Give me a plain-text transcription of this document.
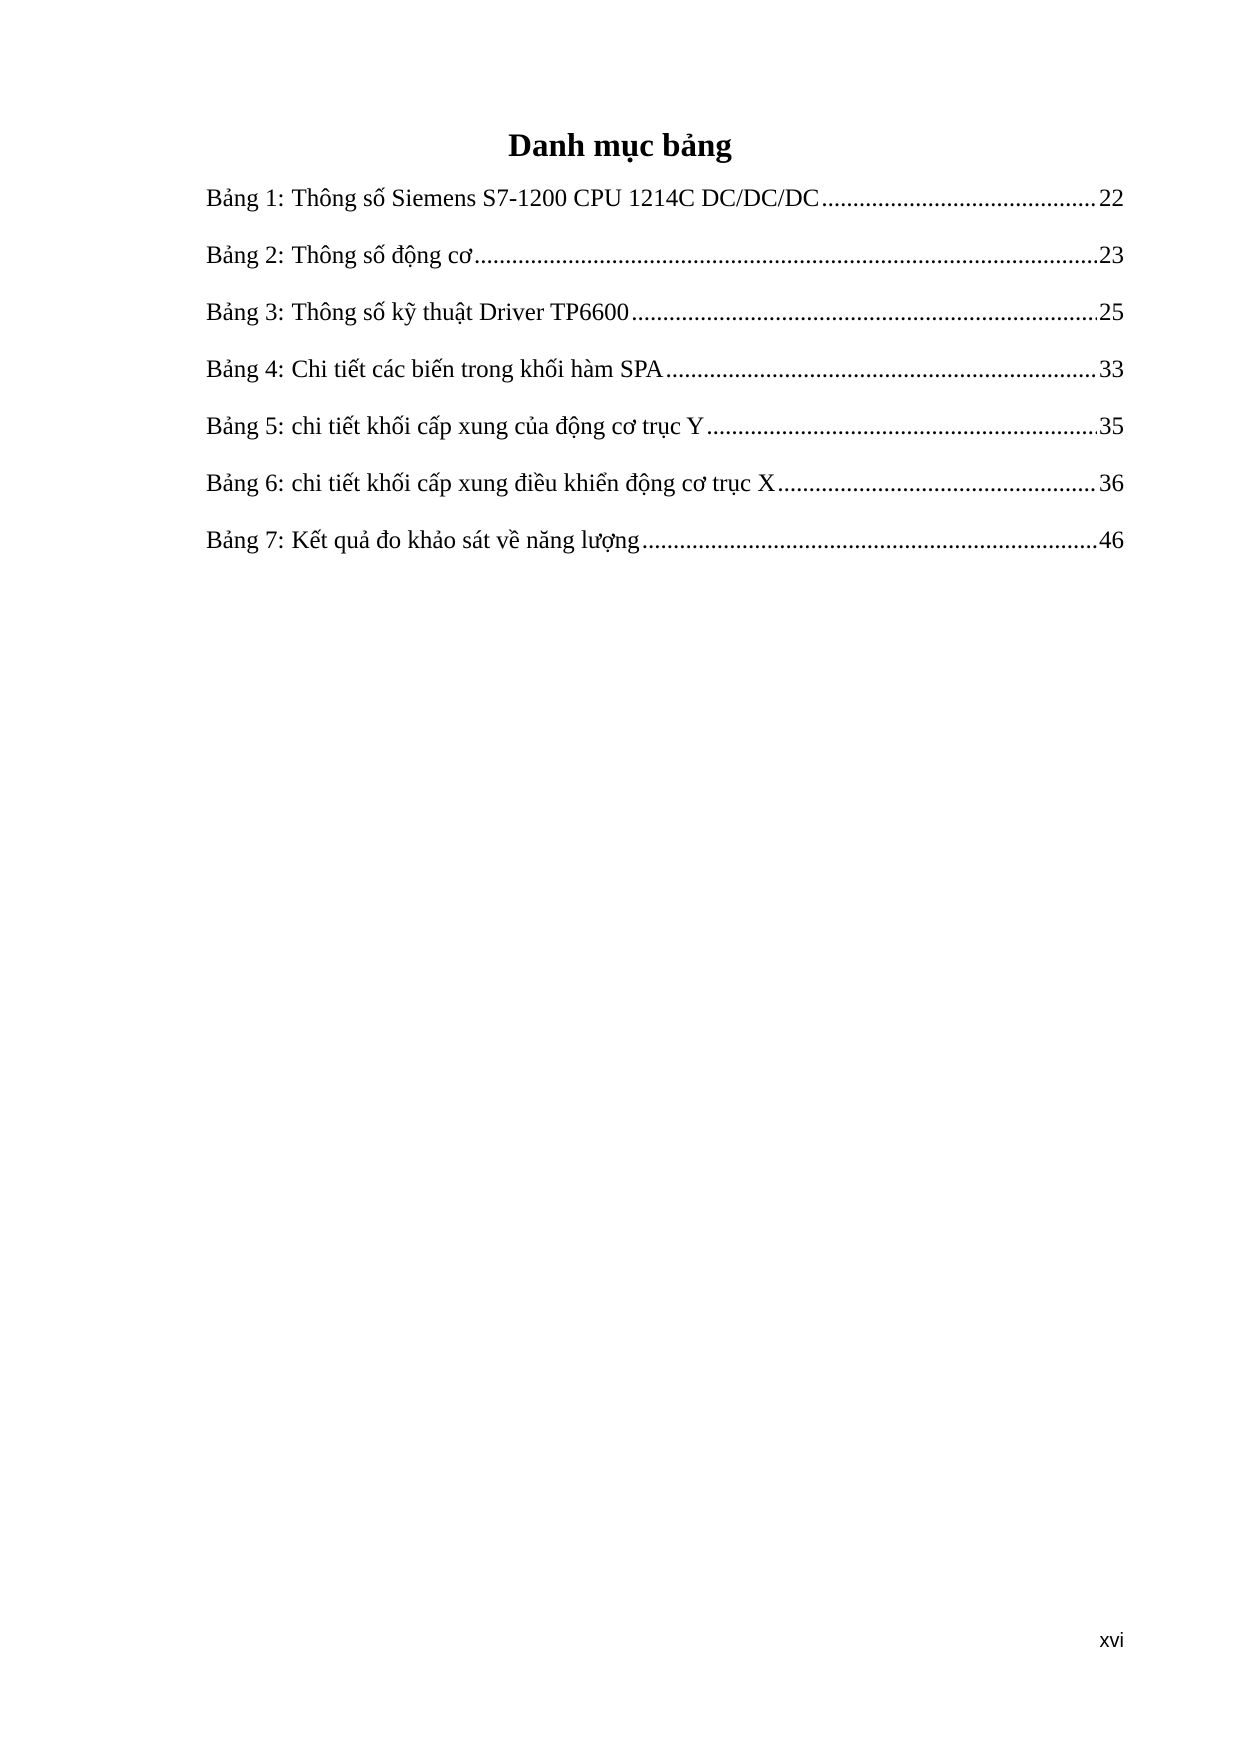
Danh mục bảng
Bảng 1: Thông số Siemens S7-1200 CPU 1214C DC/DC/DC .....	22
Bảng 2: Thông số động cơ .....	23
Bảng 3: Thông số kỹ thuật Driver TP6600 .....	25
Bảng 4: Chi tiết các biến trong khối hàm SPA .....	33
Bảng 5: chi tiết khối cấp xung của động cơ trục Y .....	35
Bảng 6: chi tiết khối cấp xung điều khiển động cơ trục X .....	36
Bảng 7: Kết quả đo khảo sát về năng lượng .....	46
xvi
